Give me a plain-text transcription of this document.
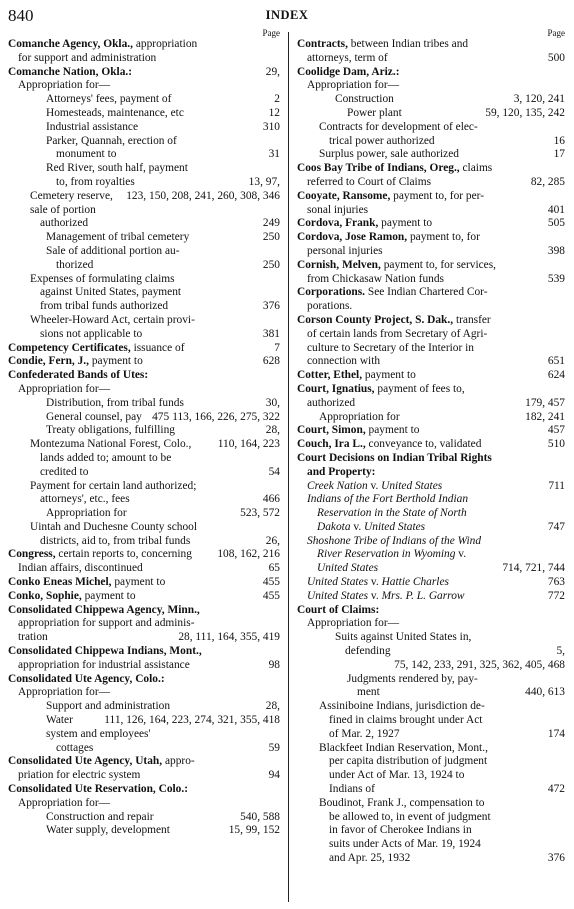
840	INDEX
Page
Comanche Agency, Okla., appropriation
for support and administration
29,
Comanche Nation, Okla.:
Appropriation for—
2
Attorneys' fees, payment of
12
Homesteads, maintenance, etc
310
Industrial assistance
Parker, Quannah, erection of
31
monument to
Red River, south half, payment
13, 97,
to, from royalties
123, 150, 208, 241, 260, 308, 346
Cemetery reserve, sale of portion
249
authorized
250
Management of tribal cemetery
Sale of additional portion au-
250
thorized
Expenses of formulating claims
against United States, payment
376
from tribal funds authorized
Wheeler-Howard Act, certain provi-
381
sions not applicable to
7
Competency Certificates, issuance of
628
Condie, Fern, J., payment to
Confederated Bands of Utes:
Appropriation for—
30,
Distribution, from tribal funds
113, 166, 226, 275, 322
475
General counsel, pay
28,
Treaty obligations, fulfilling
110, 164, 223
Montezuma National Forest, Colo.,
lands added to; amount to be
54
credited to
Payment for certain land authorized;
466
attorneys', etc., fees
523, 572
Appropriation for
Uintah and Duchesne County school
26,
districts, aid to, from tribal funds
108, 162, 216
Congress, certain reports to, concerning
65
Indian affairs, discontinued
455
Conko Eneas Michel, payment to
455
Conko, Sophie, payment to
Consolidated Chippewa Agency, Minn.,
appropriation for support and adminis-
28, 111, 164, 355, 419
tration
Consolidated Chippewa Indians, Mont.,
98
appropriation for industrial assistance
Consolidated Ute Agency, Colo.:
Appropriation for—
28,
Support and administration
111, 126, 164, 223, 274, 321, 355, 418
Water system and employees'
59
cottages
Consolidated Ute Agency, Utah, appro-
94
priation for electric system
Consolidated Ute Reservation, Colo.:
Appropriation for—
540, 588
Construction and repair
15, 99, 152
Water supply, development
Page
Contracts, between Indian tribes and
500
attorneys, term of
Coolidge Dam, Ariz.:
Appropriation for—
3, 120, 241
Construction
59, 120, 135, 242
Power plant
Contracts for development of elec-
16
trical power authorized
17
Surplus power, sale authorized
Coos Bay Tribe of Indians, Oreg., claims
82, 285
referred to Court of Claims
Cooyate, Ransome, payment to, for per-
401
sonal injuries
505
Cordova, Frank, payment to
Cordova, Jose Ramon, payment to, for
398
personal injuries
Cornish, Melven, payment to, for services,
539
from Chickasaw Nation funds
Corporations. See Indian Chartered Cor-
porations.
Corson County Project, S. Dak., transfer
of certain lands from Secretary of Agri-
culture to Secretary of the Interior in
651
connection with
624
Cotter, Ethel, payment to
Court, Ignatius, payment of fees to,
179, 457
authorized
182, 241
Appropriation for
457
Court, Simon, payment to
510
Couch, Ira L., conveyance to, validated
Court Decisions on Indian Tribal Rights
and Property:
711
Creek Nation v. United States
Indians of the Fort Berthold Indian
Reservation in the State of North
747
Dakota v. United States
Shoshone Tribe of Indians of the Wind
River Reservation in Wyoming v.
714, 721, 744
United States
763
United States v. Hattie Charles
772
United States v. Mrs. P. L. Garrow
Court of Claims:
Appropriation for—
Suits against United States in,
5,
defending
75, 142, 233, 291, 325, 362, 405, 468
Judgments rendered by, pay-
440, 613
ment
Assiniboine Indians, jurisdiction de-
fined in claims brought under Act
174
of Mar. 2, 1927
Blackfeet Indian Reservation, Mont.,
per capita distribution of judgment
under Act of Mar. 13, 1924 to
472
Indians of
Boudinot, Frank J., compensation to
be allowed to, in event of judgment
in favor of Cherokee Indians in
suits under Acts of Mar. 19, 1924
376
and Apr. 25, 1932
